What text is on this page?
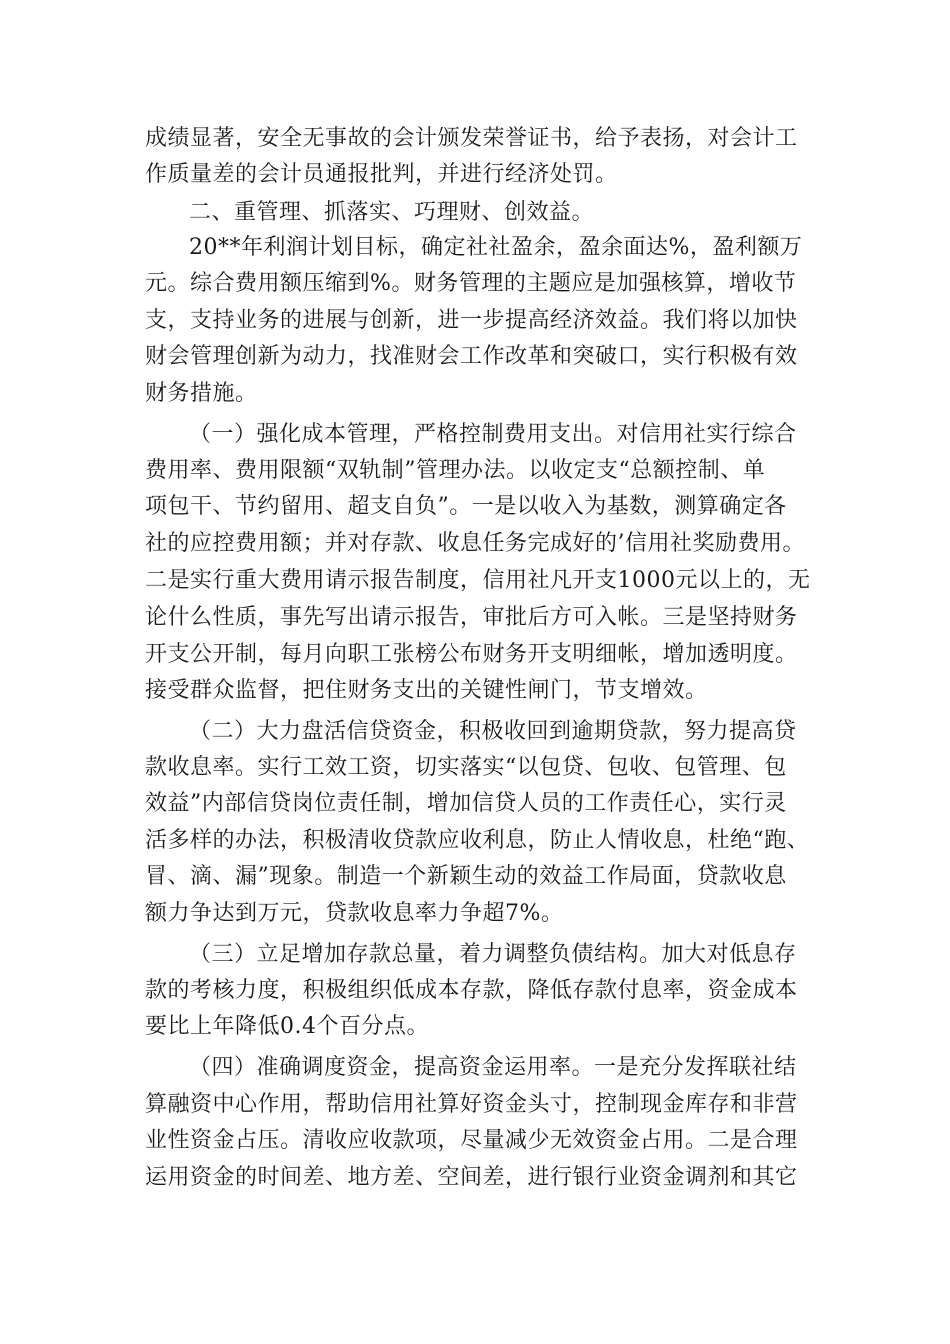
成绩显著，安全无事故的会计颁发荣誉证书，给予表扬，对会计工
作质量差的会计员通报批判，并进行经济处罚。
二、重管理、抓落实、巧理财、创效益。
20**年利润计划目标，确定社社盈余，盈余面达%，盈利额万
元。综合费用额压缩到%。财务管理的主题应是加强核算，增收节
支，支持业务的进展与创新，进一步提高经济效益。我们将以加快
财会管理创新为动力，找准财会工作改革和突破口，实行积极有效
财务措施。
（一）强化成本管理，严格控制费用支出。对信用社实行综合
费用率、费用限额“双轨制”管理办法。以收定支“总额控制、单
项包干、节约留用、超支自负”。一是以收入为基数，测算确定各
社的应控费用额；并对存款、收息任务完成好的’信用社奖励费用。
二是实行重大费用请示报告制度，信用社凡开支1000元以上的，无
论什么性质，事先写出请示报告，审批后方可入帐。三是坚持财务
开支公开制，每月向职工张榜公布财务开支明细帐，增加透明度。
接受群众监督，把住财务支出的关键性闸门，节支增效。
（二）大力盘活信贷资金，积极收回到逾期贷款，努力提高贷
款收息率。实行工效工资，切实落实“以包贷、包收、包管理、包
效益”内部信贷岗位责任制，增加信贷人员的工作责任心，实行灵
活多样的办法，积极清收贷款应收利息，防止人情收息，杜绝“跑、
冒、滴、漏”现象。制造一个新颖生动的效益工作局面，贷款收息
额力争达到万元，贷款收息率力争超7%。
（三）立足增加存款总量，着力调整负债结构。加大对低息存
款的考核力度，积极组织低成本存款，降低存款付息率，资金成本
要比上年降低0.4个百分点。
（四）准确调度资金，提高资金运用率。一是充分发挥联社结
算融资中心作用，帮助信用社算好资金头寸，控制现金库存和非营
业性资金占压。清收应收款项，尽量减少无效资金占用。二是合理
运用资金的时间差、地方差、空间差，进行银行业资金调剂和其它
